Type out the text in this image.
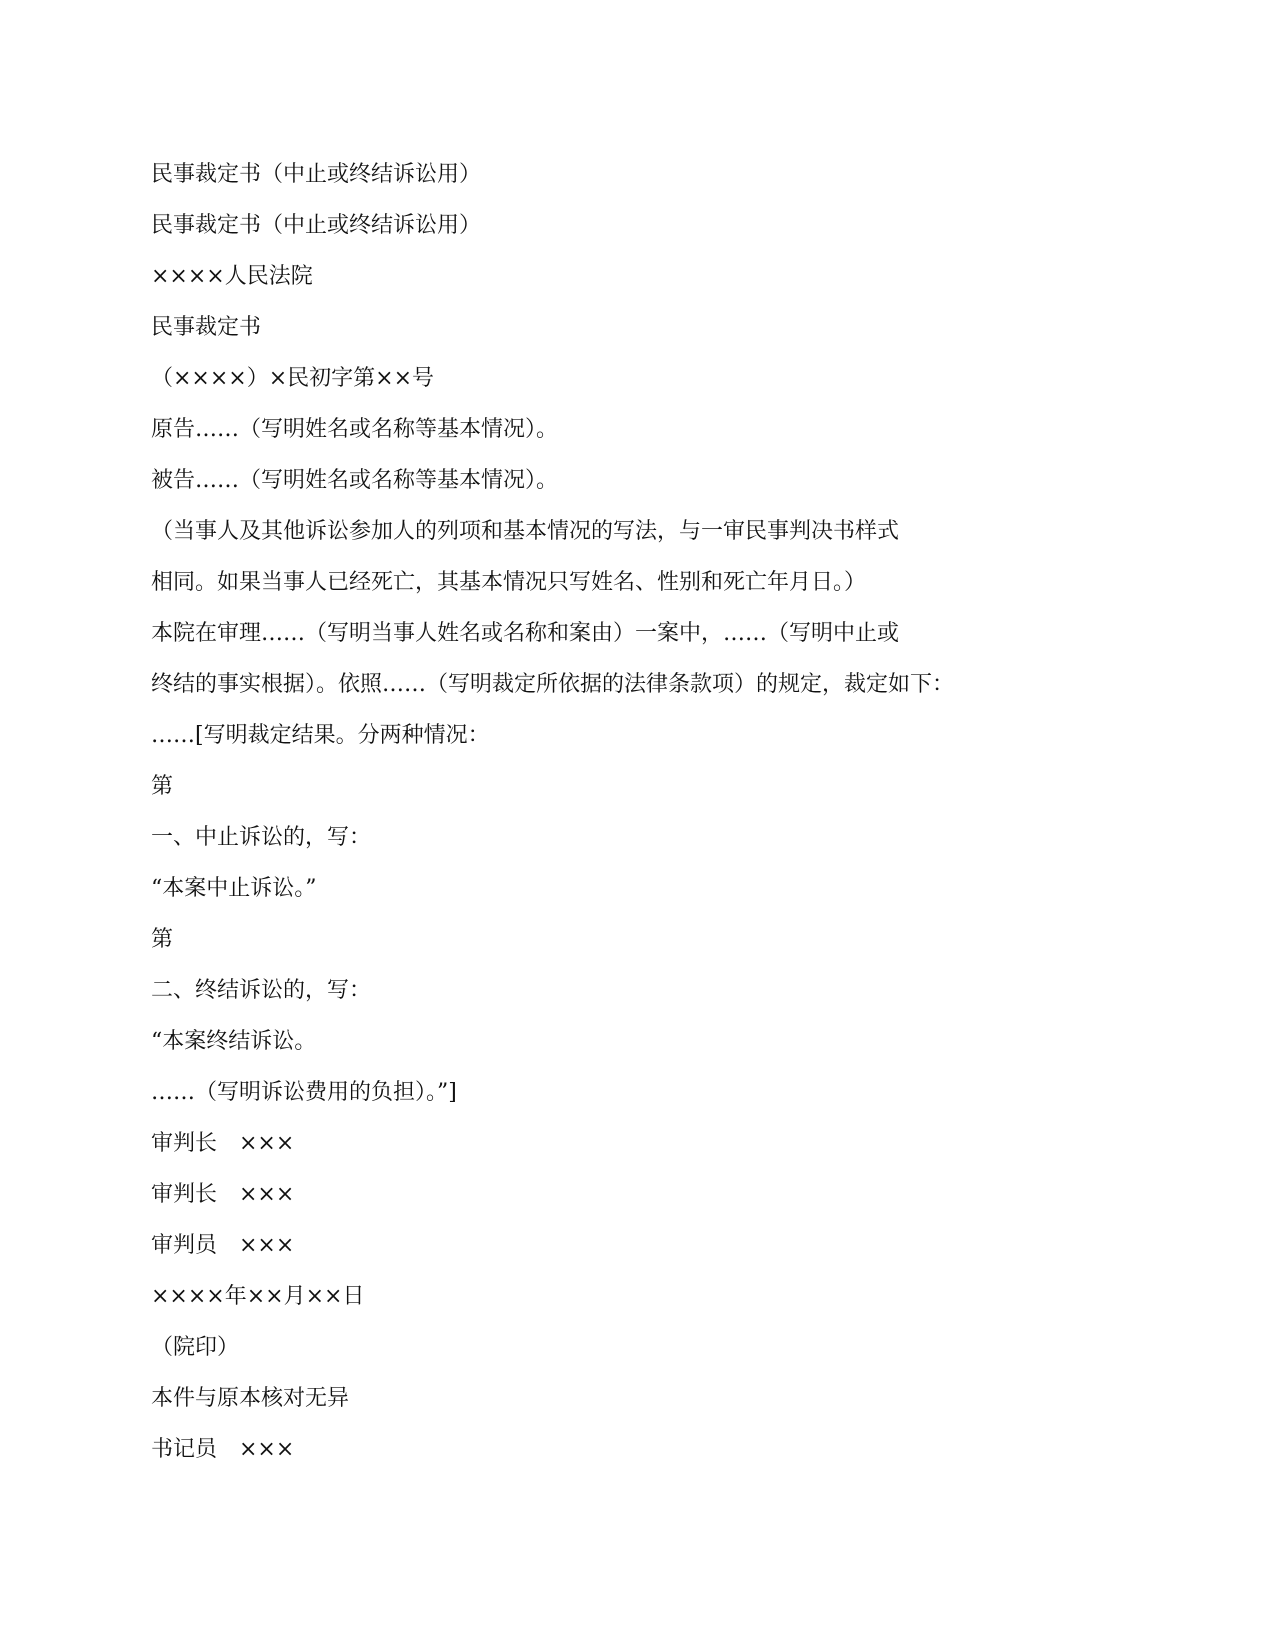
民事裁定书（中止或终结诉讼用）
民事裁定书（中止或终结诉讼用）
××××人民法院
民事裁定书
（××××）×民初字第××号
原告……（写明姓名或名称等基本情况）。
被告……（写明姓名或名称等基本情况）。
（当事人及其他诉讼参加人的列项和基本情况的写法，与一审民事判决书样式
相同。如果当事人已经死亡，其基本情况只写姓名、性别和死亡年月日。）
本院在审理……（写明当事人姓名或名称和案由）一案中，……（写明中止或
终结的事实根据）。依照……（写明裁定所依据的法律条款项）的规定，裁定如下：
……[写明裁定结果。分两种情况：
第
一、中止诉讼的，写：
“本案中止诉讼。”
第
二、终结诉讼的，写：
“本案终结诉讼。
……（写明诉讼费用的负担）。”]
审判长　×××
审判长　×××
审判员　×××
××××年××月××日
（院印）
本件与原本核对无异
书记员　×××
